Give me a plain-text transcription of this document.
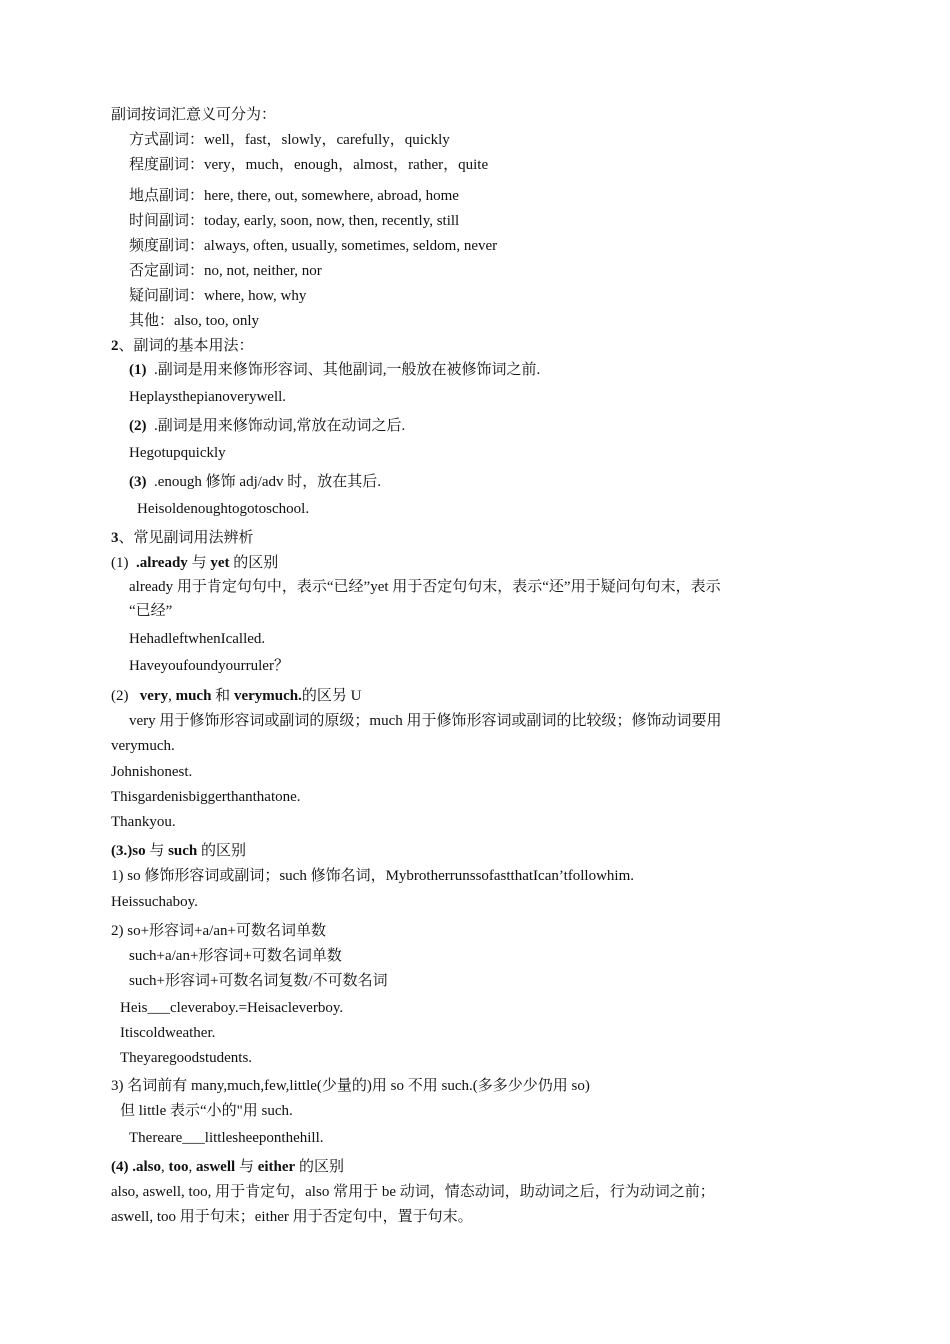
副词按词汇意义可分为：
方式副词：well，fast，slowly，carefully，quickly
程度副词：very，much，enough，almost，rather，quite
地点副词：here, there, out, somewhere, abroad, home
时间副词：today, early, soon, now, then, recently, still
频度副词：always, often, usually, sometimes, seldom, never
否定副词：no, not, neither, nor
疑问副词：where, how, why
其他：also, too, only
2、副词的基本用法：
(1) .副词是用来修饰形容词、其他副词,一般放在被修饰词之前.
Heplaysthepianoverywell.
(2) .副词是用来修饰动词,常放在动词之后.
Hegotupquickly
(3) .enough 修饰 adj/adv 时，放在其后.
Heisoldenoughtogotoschool.
3、常见副词用法辨析
(1) .already 与 yet 的区别
already 用于肯定句句中，表示“已经”yet 用于否定句句末，表示“还”用于疑问句句末，表示
“已经”
HehadleftwhenIcalled.
Haveyoufoundyourruler？
(2) very, much 和 verymuch.的区另 U
very 用于修饰形容词或副词的原级；much 用于修饰形容词或副词的比较级；修饰动词要用
verymuch.
Johnishonest.
Thisgardenisbiggerthanthatone.
Thankyou.
(3.)so 与 such 的区别
1) so 修饰形容词或副词；such 修饰名词，MybrotherrunssofastthatIcan’tfollowhim.
Heissuchaboy.
2) so+形容词+a/an+可数名词单数
such+a/an+形容词+可数名词单数
such+形容词+可数名词复数/不可数名词
Heis___cleveraboy.=Heisacleverboy.
Itiscoldweather.
Theyaregoodstudents.
3) 名词前有 many,much,few,little(少量的)用 so 不用 such.(多多少少仍用 so)
但 little 表示“小的"用 such.
Thereare___littlesheeponthehill.
(4) .also, too, aswell 与 either 的区别
also, aswell, too, 用于肯定句，also 常用于 be 动词，情态动词，助动词之后，行为动词之前；
aswell, too 用于句末；either 用于否定句中，置于句末。
